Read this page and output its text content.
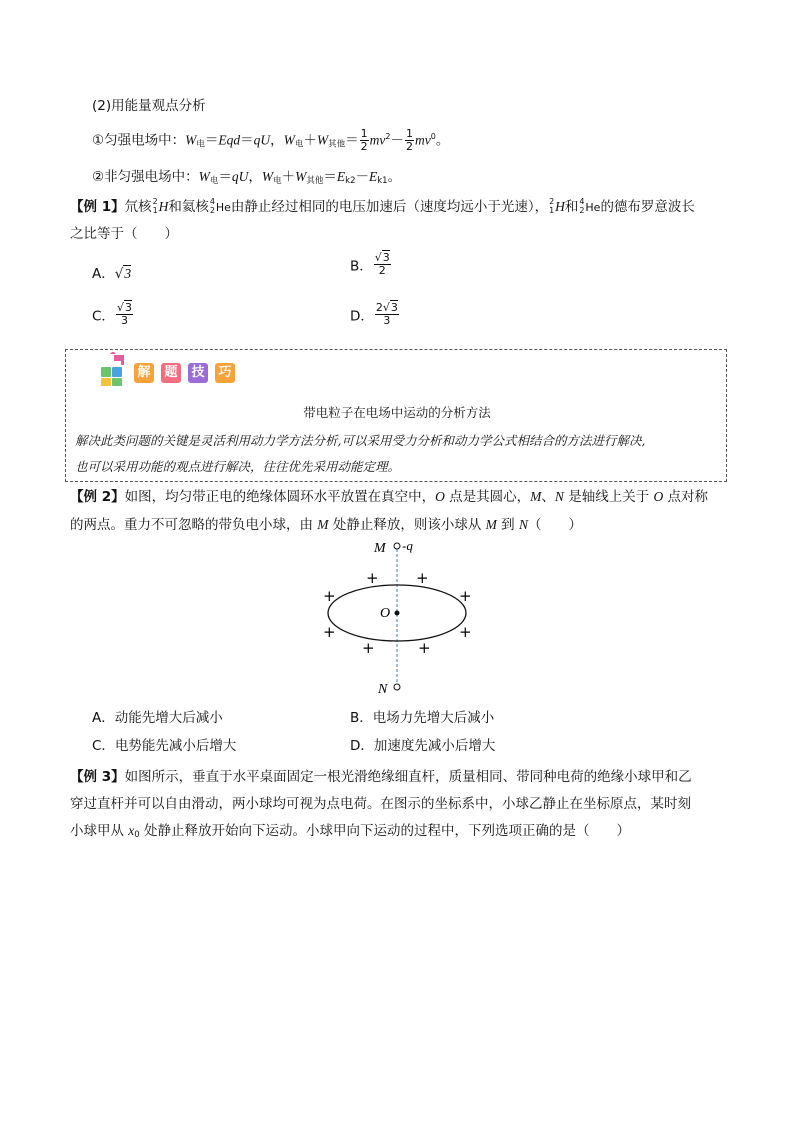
(2)用能量观点分析
①匀强电场中：$W_电=Eqd=qU$，$W_电+W_{其他}= \frac{1}{2} mv^2- \frac{1}{2} mv^0$。
②非匀强电场中：$W_电=qU$，$W_电+W_{其他}=E_{k2}-E_{k1}$。
【例 1】氘核 2
1 H和氦核 4
2 He由静止经过相同的电压加速后（速度均远小于光速）， 2
1 H和 4
2 He的德布罗意波长
之比等于（　　）
A．√3	B． $\frac{√3}{2}$
C． $\frac{√3}{3}$	D． $\frac{2√3}{3}$
解 题 技 巧
带电粒子在电场中运动的分析方法
解决此类问题的关键是灵活利用动力学方法分析,可以采用受力分析和动力学公式相结合的方法进行解决,
也可以采用功能的观点进行解决，往往优先采用动能定理。
【例 2】如图，均匀带正电的绝缘体圆环水平放置在真空中，O 点是其圆心，M、N 是轴线上关于 O 点对称
的两点。重力不可忽略的带负电小球，由 M 处静止释放，则该小球从 M 到 N（　　）
M -q
O
N
+ +
+	+
+	+
+	+
A．动能先增大后减小	B．电场力先增大后减小
C．电势能先减小后增大	D．加速度先减小后增大
【例 3】如图所示，垂直于水平桌面固定一根光滑绝缘细直杆，质量相同、带同种电荷的绝缘小球甲和乙
穿过直杆并可以自由滑动，两小球均可视为点电荷。在图示的坐标系中，小球乙静止在坐标原点，某时刻
小球甲从 $x_0$ 处静止释放开始向下运动。小球甲向下运动的过程中，下列选项正确的是（　　）
